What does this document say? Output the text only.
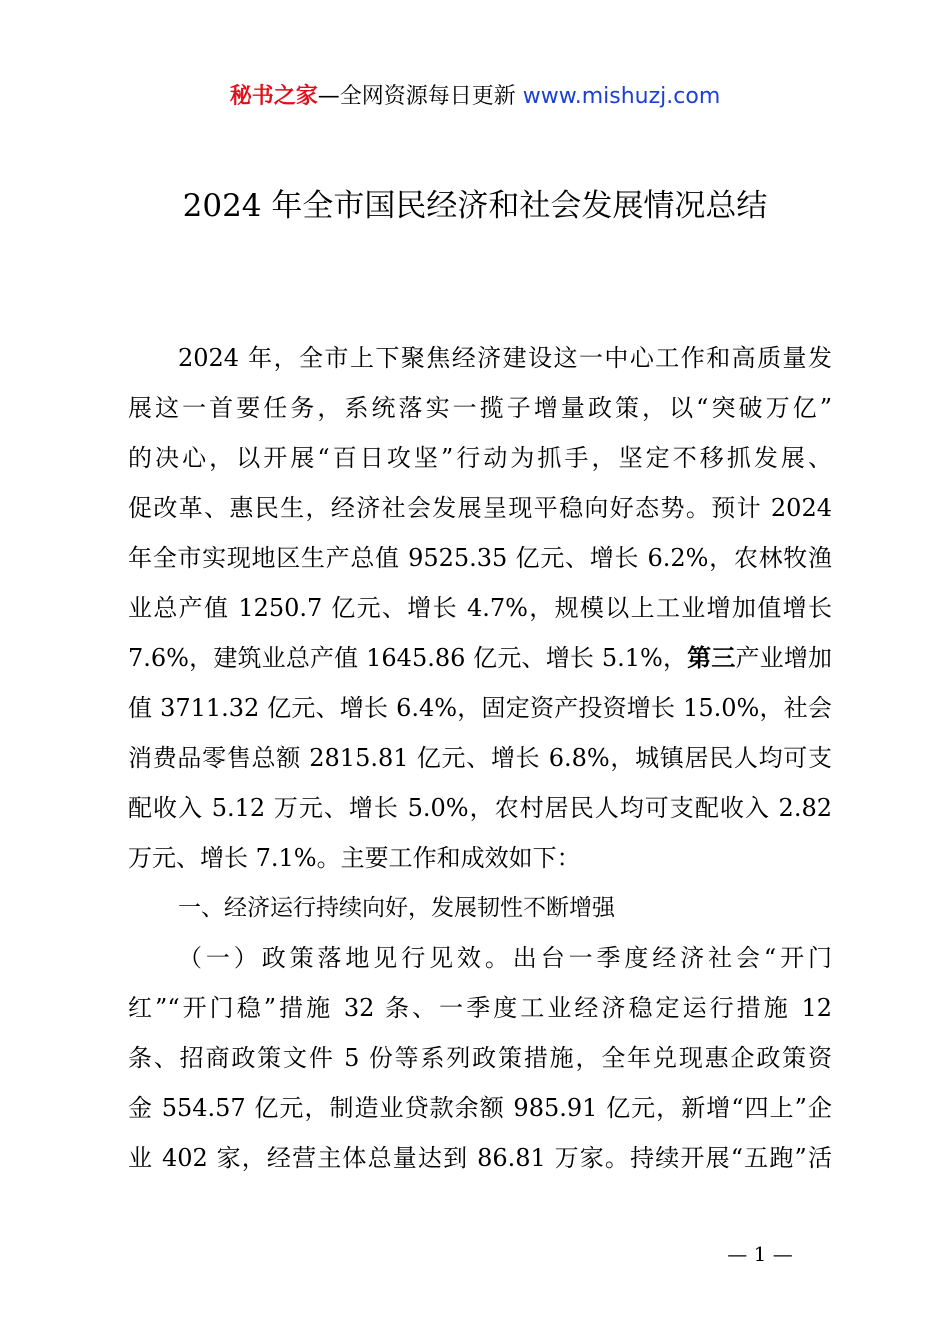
秘书之家—全网资源每日更新 www.mishuzj.com
2024 年全市国民经济和社会发展情况总结
2024 年，全市上下聚焦经济建设这一中心工作和高质量发
展这一首要任务，系统落实一揽子增量政策，以“突破万亿”
的决心，以开展“百日攻坚”行动为抓手，坚定不移抓发展、
促改革、惠民生，经济社会发展呈现平稳向好态势。预计 2024
年全市实现地区生产总值 9525.35 亿元、增长 6.2%，农林牧渔
业总产值 1250.7 亿元、增长 4.7%，规模以上工业增加值增长
7.6%，建筑业总产值 1645.86 亿元、增长 5.1%，第三产业增加
值 3711.32 亿元、增长 6.4%，固定资产投资增长 15.0%，社会
消费品零售总额 2815.81 亿元、增长 6.8%，城镇居民人均可支
配收入 5.12 万元、增长 5.0%，农村居民人均可支配收入 2.82
万元、增长 7.1%。主要工作和成效如下：
一、经济运行持续向好，发展韧性不断增强
（一）政策落地见行见效。出台一季度经济社会“开门
红”“开门稳”措施 32 条、一季度工业经济稳定运行措施 12
条、招商政策文件 5 份等系列政策措施，全年兑现惠企政策资
金 554.57 亿元，制造业贷款余额 985.91 亿元，新增“四上”企
业 402 家，经营主体总量达到 86.81 万家。持续开展“五跑”活
— 1 —
